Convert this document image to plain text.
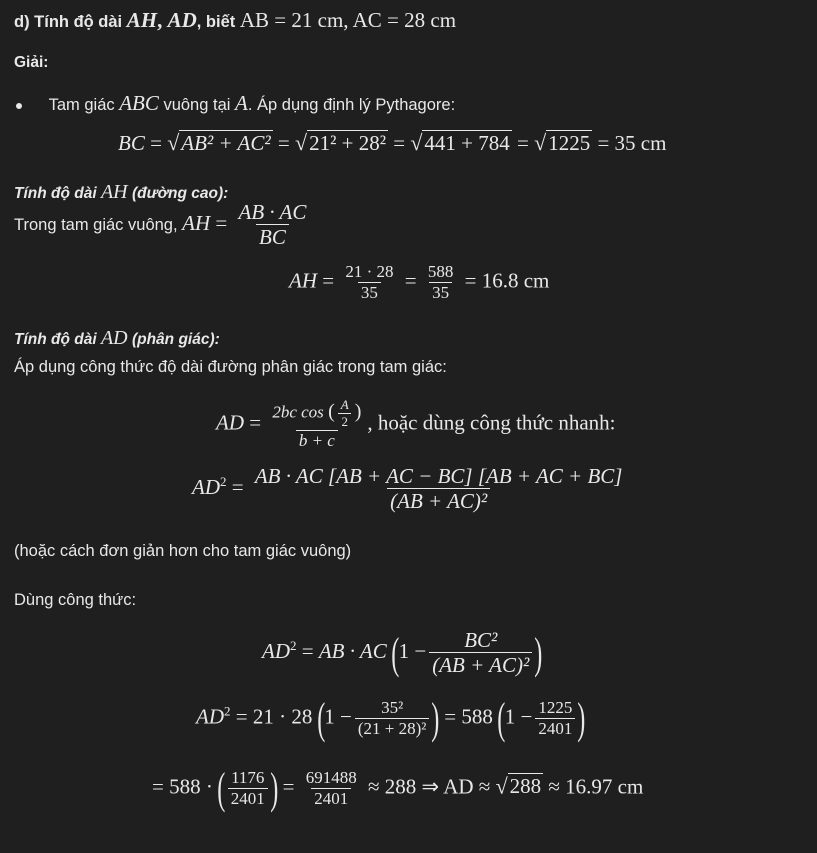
d) Tính độ dài AH, AD, biết AB = 21 cm, AC = 28 cm
Giải:
Tam giác ABC vuông tại A. Áp dụng định lý Pythagore:
BC = √AB² + AC² = √21² + 28² = √441 + 784 = √1225 = 35 cm
Tính độ dài AH (đường cao):
Trong tam giác vuông, AH = $\frac{AB \cdot AC}{BC}$
AH = $\frac{21 \cdot 28}{35} = \frac{588}{35} = 16.8$ cm
Tính độ dài AD (phân giác):
Áp dụng công thức độ dài đường phân giác trong tam giác:
AD = $\frac{2bc \cos ( \frac{A}{2} )}{b + c}$ , hoặc dùng công thức nhanh:
$AD^2 = \frac{AB \cdot AC [AB + AC - BC] [AB + AC + BC]}{\text{(AB + AC)²}}$
(hoặc cách đơn giản hơn cho tam giác vuông)
Dùng công thức:
$AD^2$ = AB · AC ($1 - \frac{\text{BC²}}{\text{(AB + AC)²}}$ )
$AD^2 = 21 \cdot 28$ ($1 - \frac{\text{35²}}{\text{(21 + 28)²}}$ ) = 588 ($1 - \frac{1225}{2401}$ )
= 588 · ( $\frac{1176}{2401}$ ) = $\frac{691488}{2401} \approx 288$ ⇒ AD ≈ √288 ≈ 16.97 cm
